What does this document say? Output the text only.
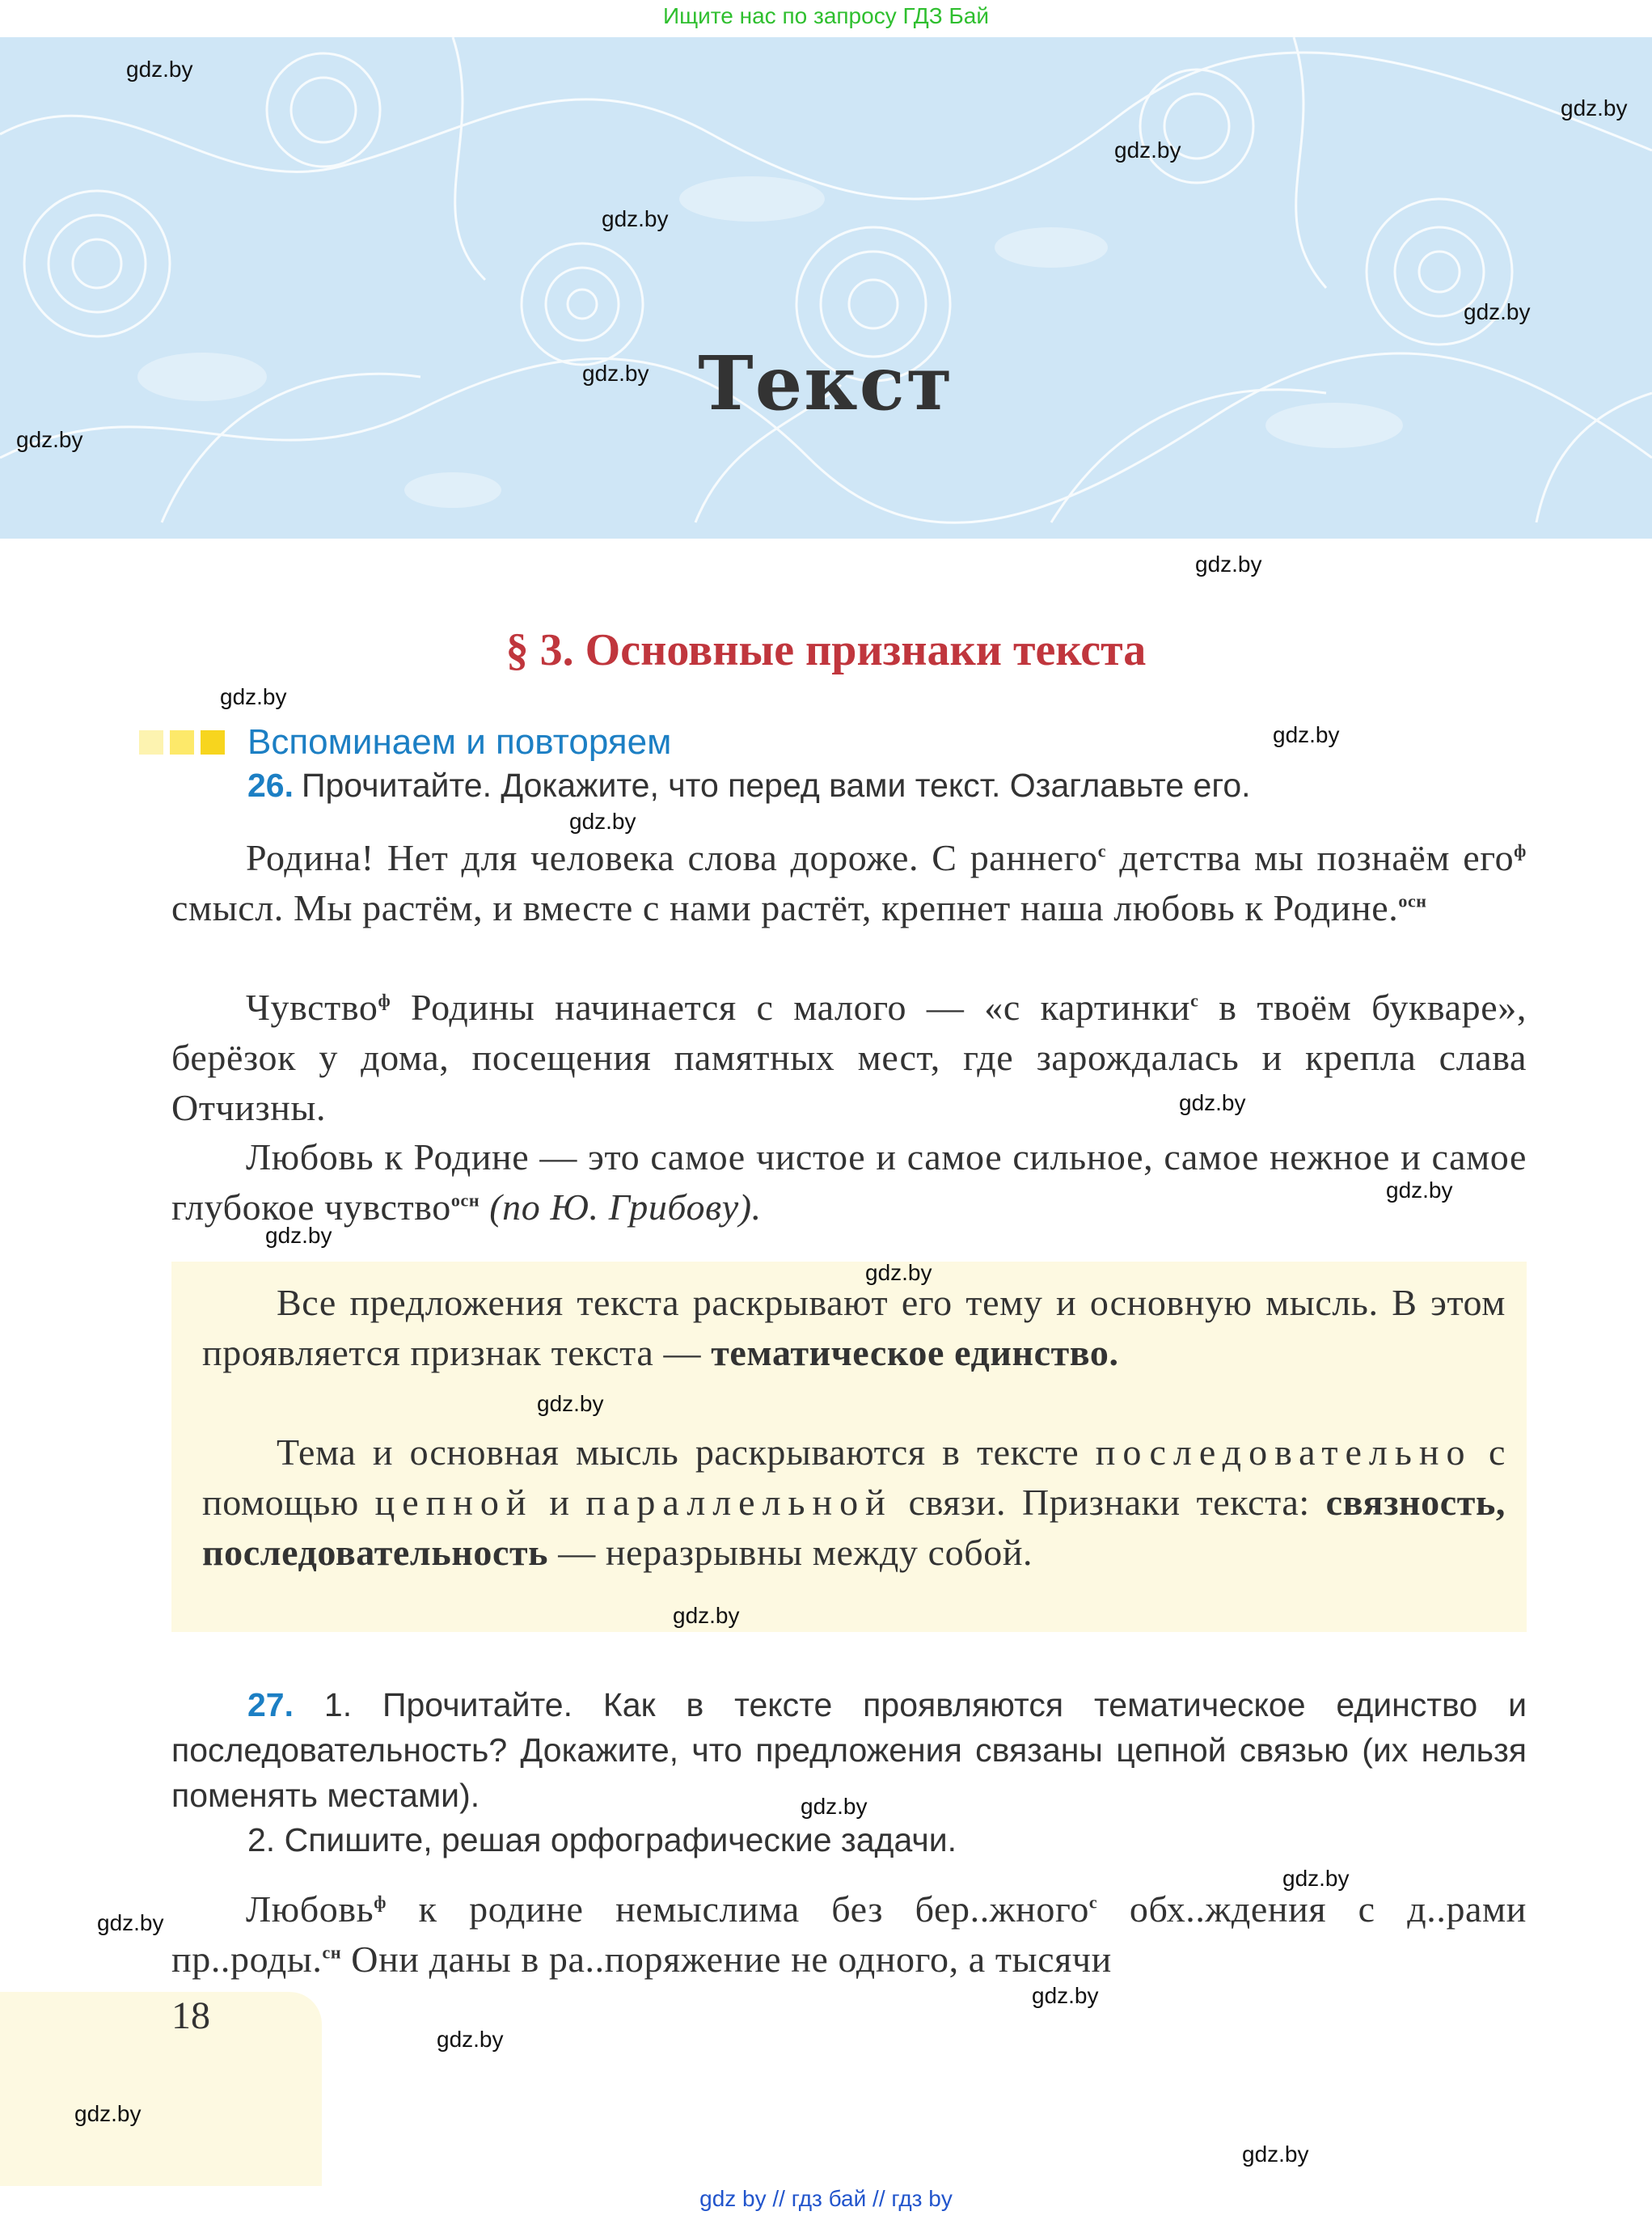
Ищите нас по запросу ГДЗ Бай
Текст
§ 3. Основные признаки текста
Вспоминаем и повторяем
26. Прочитайте. Докажите, что перед вами текст. Озаглавьте его.
Родина! Нет для человека слова дороже. С раннего$^с$ детства мы познаём его$^ф$ смысл. Мы растём, и вместе с нами растёт, крепнет наша любовь к Родине.$^{осн}$
Чувство$^ф$ Родины начинается с малого — «с картинки$^с$ в твоём букваре», берёзок у дома, посещения памятных мест, где зарождалась и крепла слава Отчизны.
Любовь к Родине — это самое чистое и самое сильное, самое нежное и самое глубокое чувство$^{осн}$ (по Ю. Грибову).
Все предложения текста раскрывают его тему и основную мысль. В этом проявляется признак текста — тематическое единство.
Тема и основная мысль раскрываются в тексте последовательно с помощью цепной и параллельной связи. Признаки текста: связность, последовательность — неразрывны между собой.
27. 1. Прочитайте. Как в тексте проявляются тематическое единство и последовательность? Докажите, что предложения связаны цепной связью (их нельзя поменять местами).
2. Спишите, решая орфографические задачи.
Любовь$^ф$ к родине немыслима без бер..жного$^с$ обх..ждения с д..рами пр..роды.$^{сн}$ Они даны в ра..поряжение не одного, а тысячи
18
gdz.by
gdz.by
gdz.by
gdz.by
gdz.by
gdz.by
gdz.by
gdz.by
gdz.by
gdz.by
gdz.by
gdz.by
gdz.by
gdz.by
gdz.by
gdz.by
gdz.by
gdz.by
gdz.by
gdz.by
gdz.by
gdz.by
gdz.by
gdz.by
gdz by // гдз бай // гдз by
